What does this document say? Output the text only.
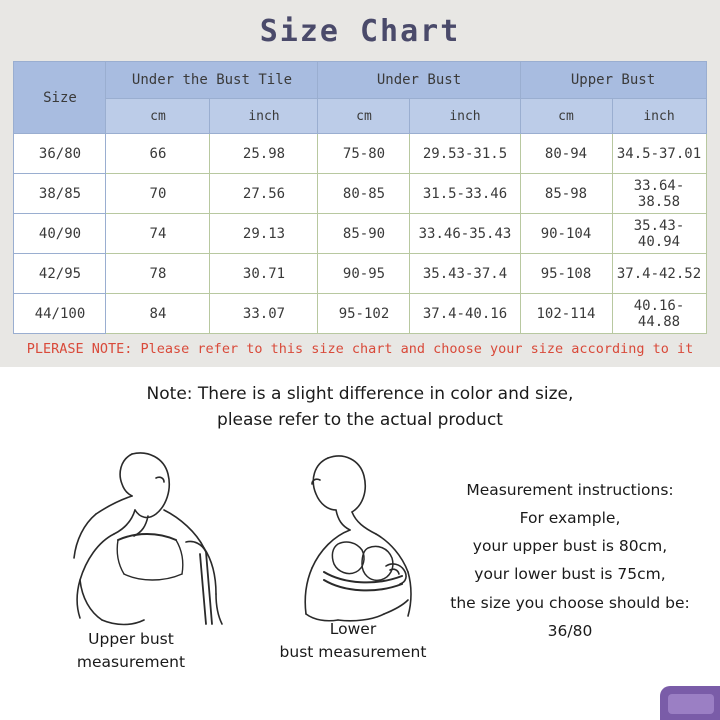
Size Chart
Size	Under the Bust Tile		Under Bust		Upper Bust	
	cm	inch	cm	inch	cm	inch
36/80	66	25.98	75-80	29.53-31.5	80-94	34.5-37.01
38/85	70	27.56	80-85	31.5-33.46	85-98	33.64-38.58
40/90	74	29.13	85-90	33.46-35.43	90-104	35.43-40.94
42/95	78	30.71	90-95	35.43-37.4	95-108	37.4-42.52
44/100	84	33.07	95-102	37.4-40.16	102-114	40.16-44.88
PLERASE NOTE: Please refer to this size chart and choose your size according to it
Note: There is a slight difference in color and size,
please refer to the actual product
Upper bust
measurement
Lower
bust measurement
Measurement instructions:
For example,
your upper bust is 80cm,
your lower bust is 75cm,
the size you choose should be:
36/80
